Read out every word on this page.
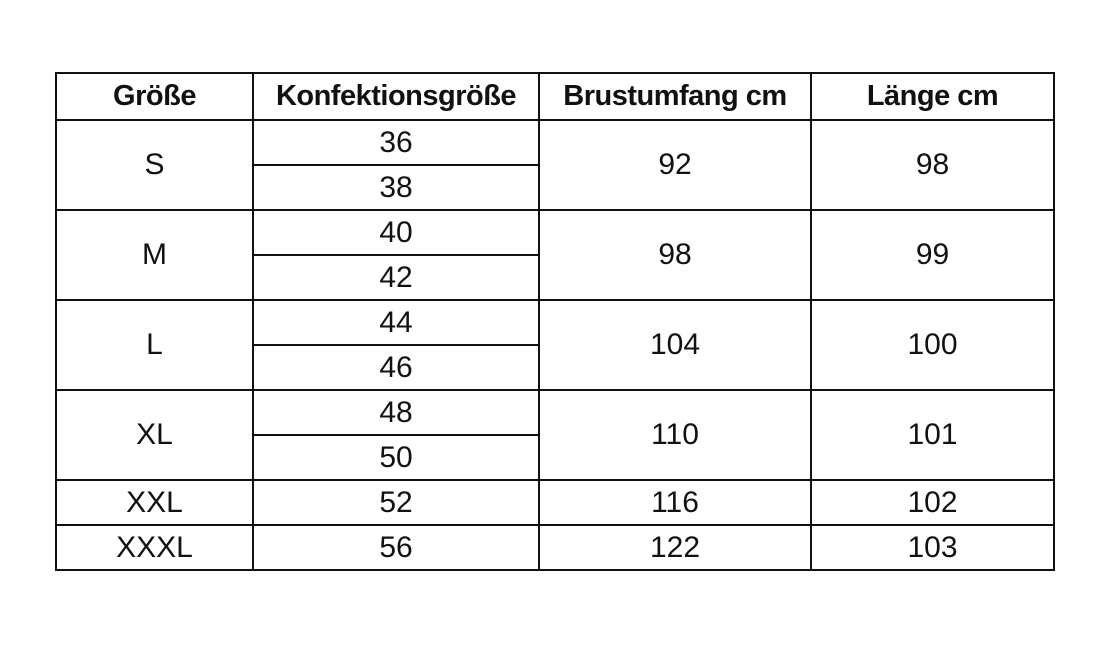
Größe	Konfektionsgröße	Brustumfang cm	Länge cm
S	36	92	98
	38		
M	40	98	99
	42		
L	44	104	100
	46		
XL	48	110	101
	50		
XXL	52	116	102
XXXL	56	122	103
